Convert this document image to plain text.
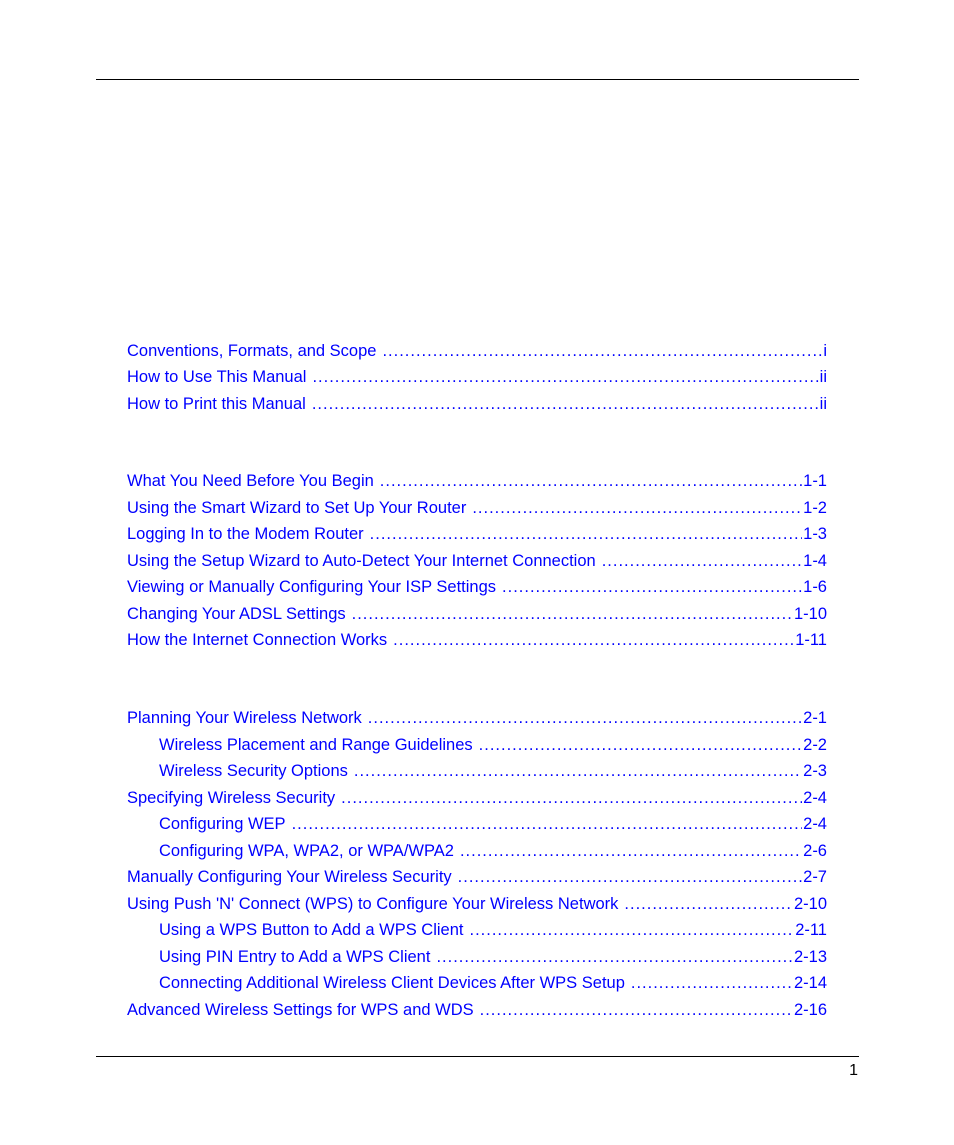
Conventions, Formats, and Scope .....	i
How to Use This Manual .....	ii
How to Print this Manual .....	ii
What You Need Before You Begin .....	1-1
Using the Smart Wizard to Set Up Your Router .....	1-2
Logging In to the Modem Router .....	1-3
Using the Setup Wizard to Auto-Detect Your Internet Connection .....	1-4
Viewing or Manually Configuring Your ISP Settings .....	1-6
Changing Your ADSL Settings .....	1-10
How the Internet Connection Works .....	1-11
Planning Your Wireless Network .....	2-1
Wireless Placement and Range Guidelines .....	2-2
Wireless Security Options .....	2-3
Specifying Wireless Security .....	2-4
Configuring WEP .....	2-4
Configuring WPA, WPA2, or WPA/WPA2 .....	2-6
Manually Configuring Your Wireless Security .....	2-7
Using Push 'N' Connect (WPS) to Configure Your Wireless Network .....	2-10
Using a WPS Button to Add a WPS Client .....	2-11
Using PIN Entry to Add a WPS Client .....	2-13
Connecting Additional Wireless Client Devices After WPS Setup .....	2-14
Advanced Wireless Settings for WPS and WDS .....	2-16
1
